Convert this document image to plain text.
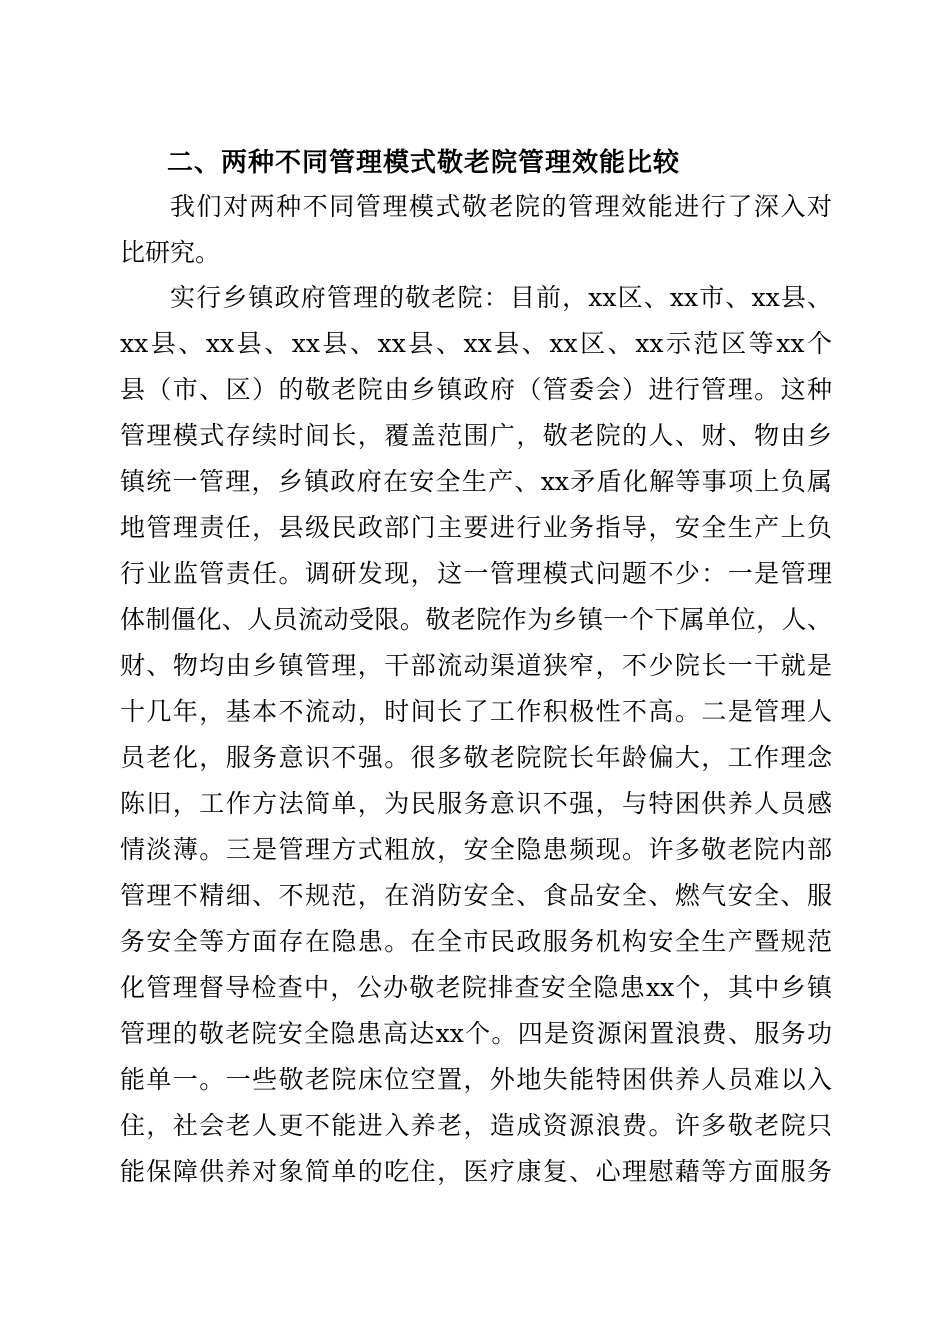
二、两种不同管理模式敬老院管理效能比较
我们对两种不同管理模式敬老院的管理效能进行了深入对
比研究。
实行乡镇政府管理的敬老院：目前，xx区、xx市、xx县、
xx县、xx县、xx县、xx县、xx县、xx区、xx示范区等xx个
县（市、区）的敬老院由乡镇政府（管委会）进行管理。这种
管理模式存续时间长，覆盖范围广，敬老院的人、财、物由乡
镇统一管理，乡镇政府在安全生产、xx矛盾化解等事项上负属
地管理责任，县级民政部门主要进行业务指导，安全生产上负
行业监管责任。调研发现，这一管理模式问题不少：一是管理
体制僵化、人员流动受限。敬老院作为乡镇一个下属单位，人、
财、物均由乡镇管理，干部流动渠道狭窄，不少院长一干就是
十几年，基本不流动，时间长了工作积极性不高。二是管理人
员老化，服务意识不强。很多敬老院院长年龄偏大，工作理念
陈旧，工作方法简单，为民服务意识不强，与特困供养人员感
情淡薄。三是管理方式粗放，安全隐患频现。许多敬老院内部
管理不精细、不规范，在消防安全、食品安全、燃气安全、服
务安全等方面存在隐患。在全市民政服务机构安全生产暨规范
化管理督导检查中，公办敬老院排查安全隐患xx个，其中乡镇
管理的敬老院安全隐患高达xx个。四是资源闲置浪费、服务功
能单一。一些敬老院床位空置，外地失能特困供养人员难以入
住，社会老人更不能进入养老，造成资源浪费。许多敬老院只
能保障供养对象简单的吃住，医疗康复、心理慰藉等方面服务
